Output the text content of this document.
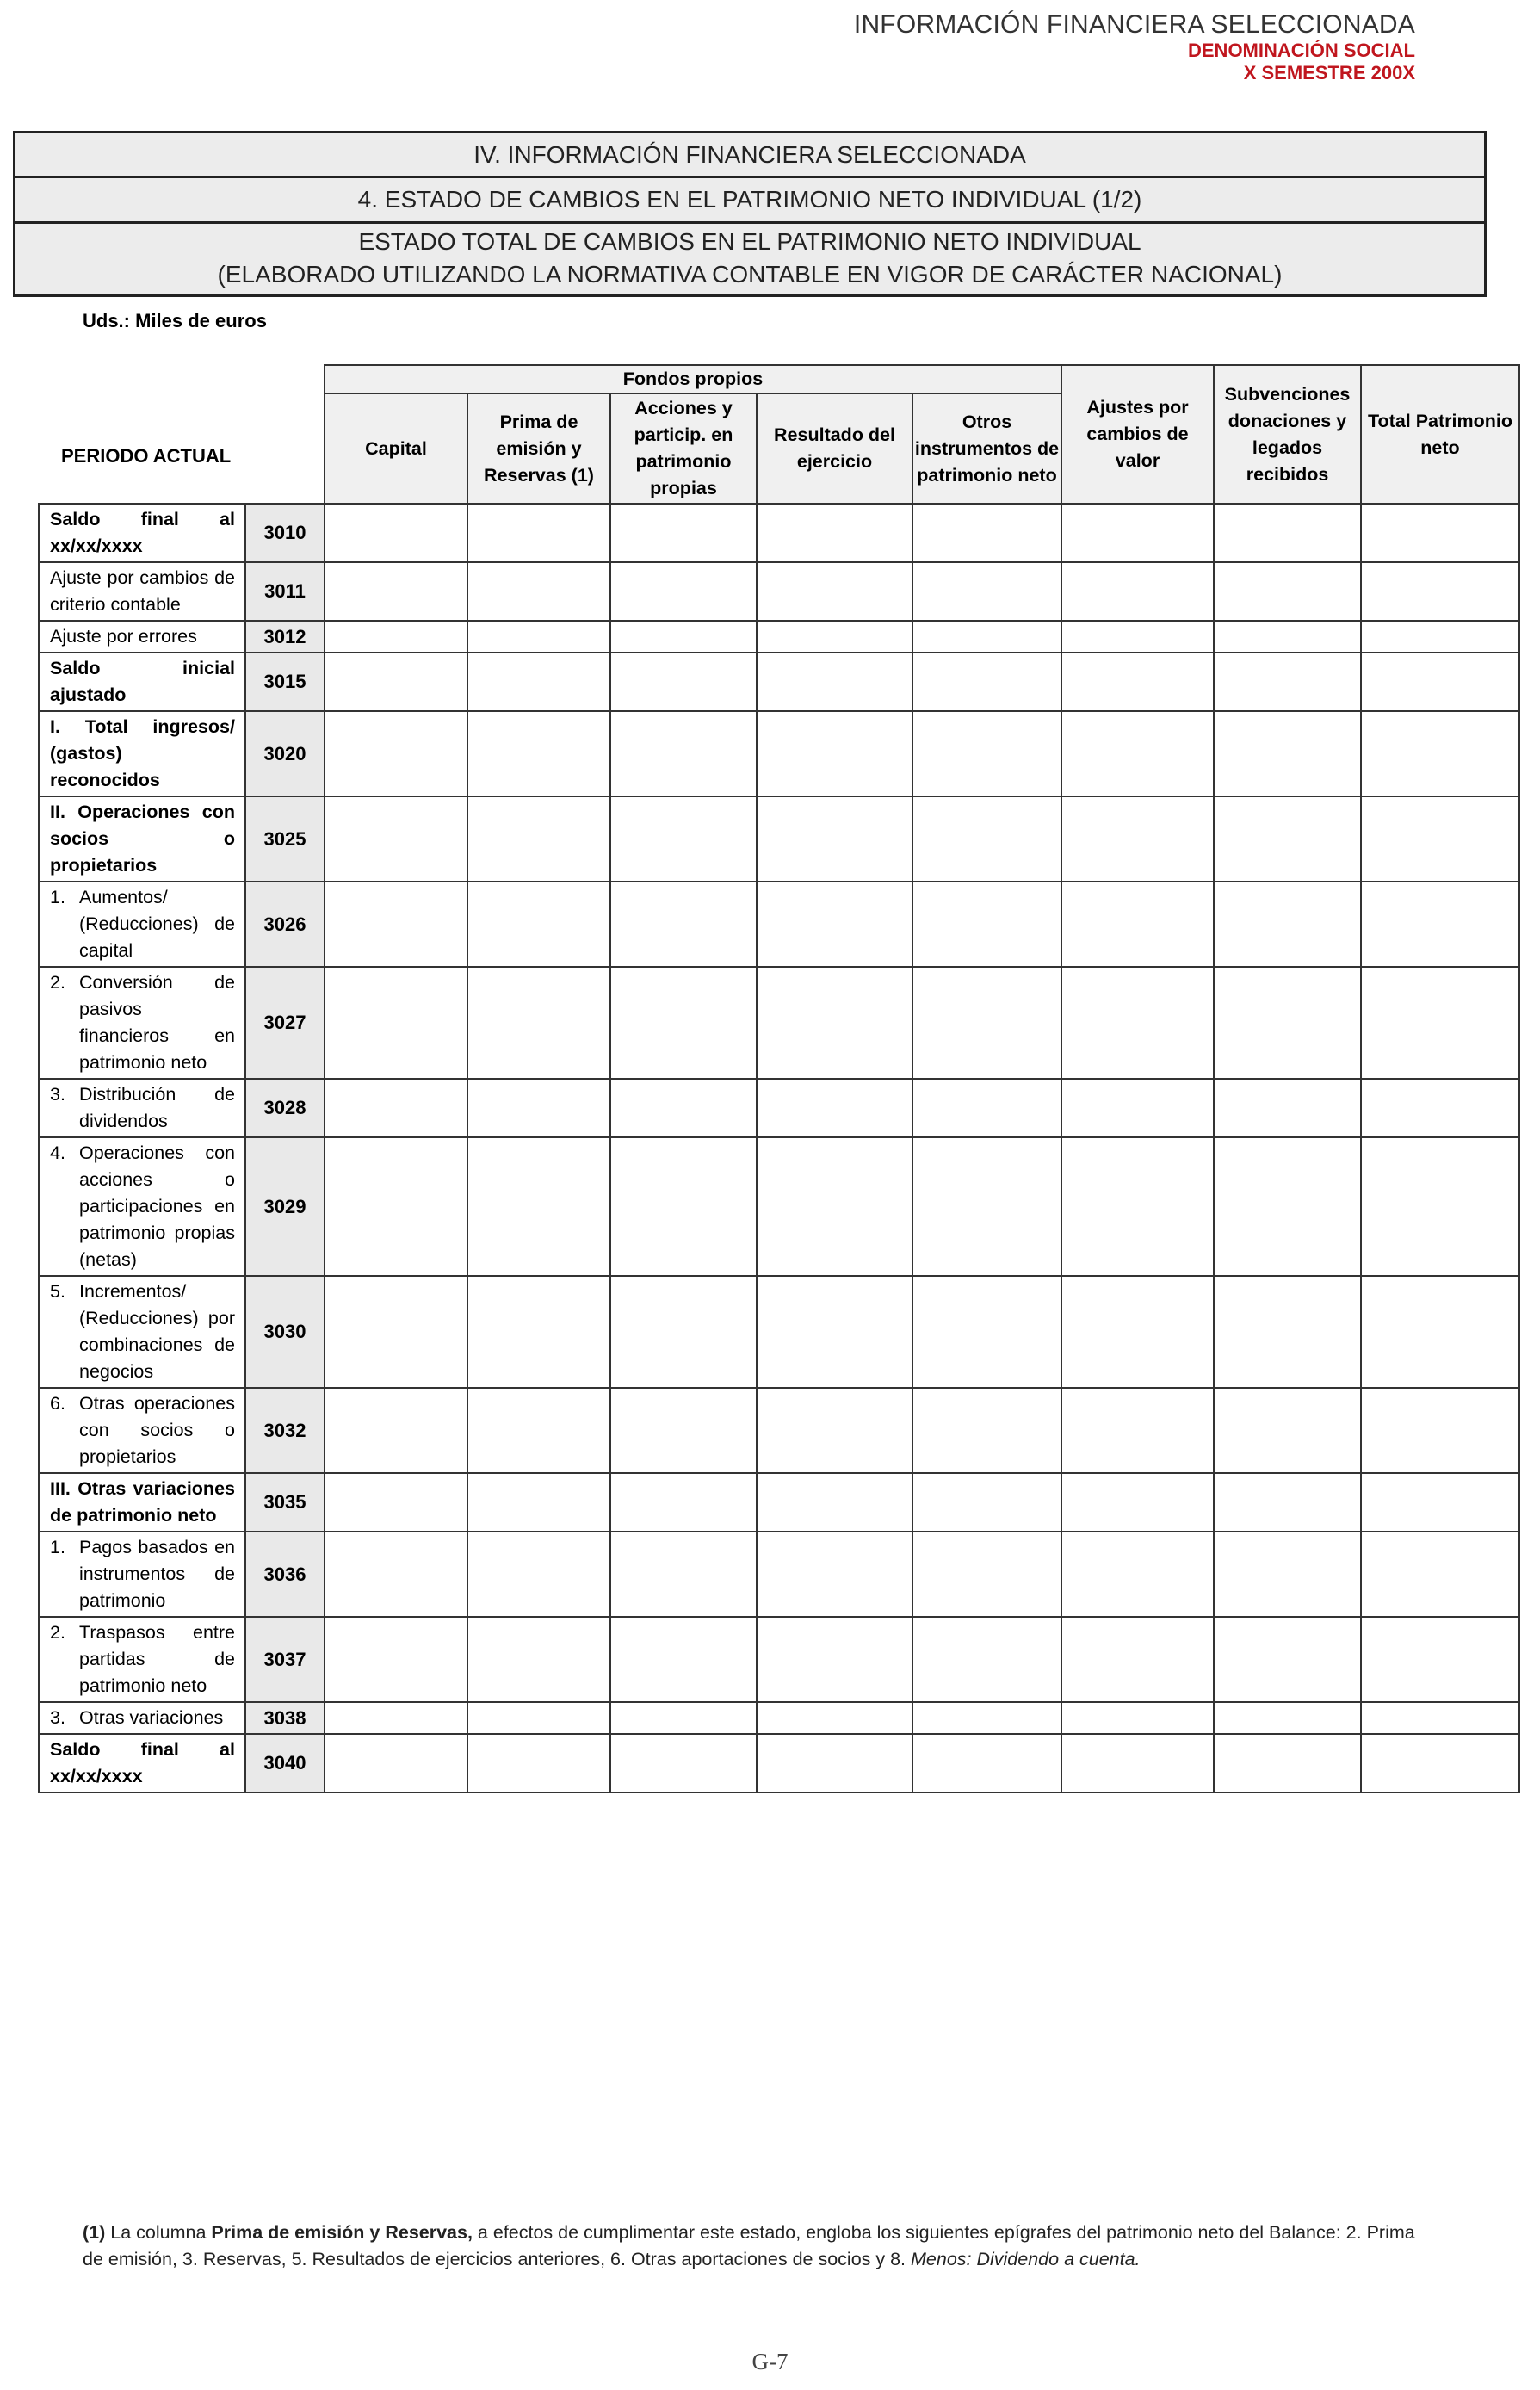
INFORMACIÓN FINANCIERA SELECCIONADA
DENOMINACIÓN SOCIAL
X SEMESTRE 200X
IV. INFORMACIÓN FINANCIERA SELECCIONADA
4. ESTADO DE CAMBIOS EN EL PATRIMONIO NETO INDIVIDUAL (1/2)
ESTADO TOTAL DE CAMBIOS EN EL PATRIMONIO NETO INDIVIDUAL
(ELABORADO UTILIZANDO LA NORMATIVA CONTABLE EN VIGOR DE CARÁCTER NACIONAL)
Uds.: Miles de euros
PERIODO ACTUAL		Fondos propios					Ajustes por cambios de valor	Subvenciones donaciones y legados recibidos	Total Patrimonio neto
		Capital	Prima de emisión y Reservas (1)	Acciones y particip. en patrimonio propias	Resultado del ejercicio	Otros instrumentos de patrimonio neto			
Saldo final al xx/xx/xxxx	3010								
Ajuste por cambios de criterio contable	3011								
Ajuste por errores	3012								
Saldo inicial ajustado	3015								
I. Total ingresos/ (gastos) reconocidos	3020								
II. Operaciones con socios o propietarios	3025								

1. Aumentos/ (Reducciones) de capital	3026								

2. Conversión de pasivos financieros en patrimonio neto	3027								

3. Distribución de dividendos	3028								

4. Operaciones con acciones o participaciones en patrimonio propias (netas)	3029								

5. Incrementos/ (Reducciones) por combinaciones de negocios	3030								

6. Otras operaciones con socios o propietarios	3032								
III. Otras variaciones de patrimonio neto	3035								

1. Pagos basados en instrumentos de patrimonio	3036								

2. Traspasos entre partidas de patrimonio neto	3037								

3. Otras variaciones	3038								
Saldo final al xx/xx/xxxx	3040								
(1) La columna Prima de emisión y Reservas, a efectos de cumplimentar este estado, engloba los siguientes epígrafes del patrimonio neto del Balance: 2. Prima de emisión, 3. Reservas, 5. Resultados de ejercicios anteriores, 6. Otras aportaciones de socios y 8. Menos: Dividendo a cuenta.
G-7
